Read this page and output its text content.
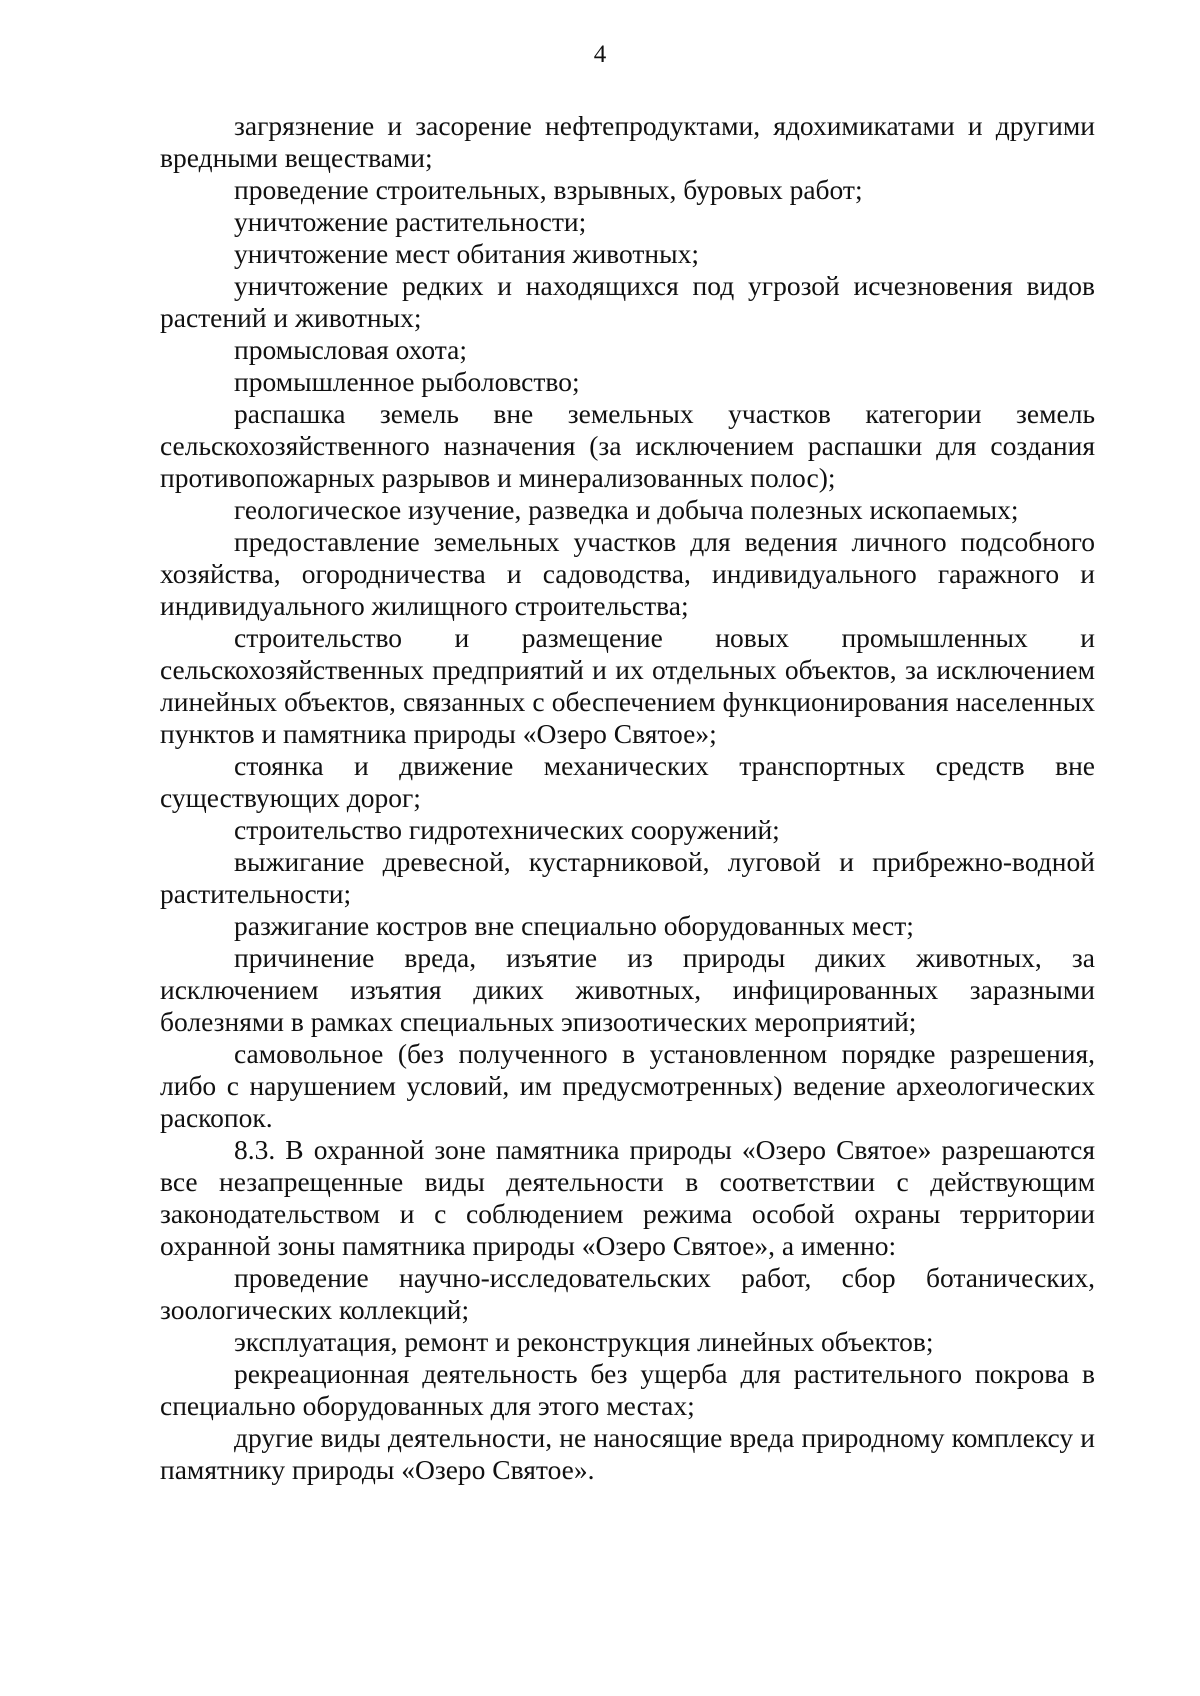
4

загрязнение и засорение нефтепродуктами, ядохимикатами и другими вредными веществами;

проведение строительных, взрывных, буровых работ;

уничтожение растительности;

уничтожение мест обитания животных;

уничтожение редких и находящихся под угрозой исчезновения видов растений и животных;

промысловая охота;

промышленное рыболовство;

распашка земель вне земельных участков категории земель сельскохозяйственного назначения (за исключением распашки для создания противопожарных разрывов и минерализованных полос);

геологическое изучение, разведка и добыча полезных ископаемых;

предоставление земельных участков для ведения личного подсобного хозяйства, огородничества и садоводства, индивидуального гаражного и индивидуального жилищного строительства;

строительство и размещение новых промышленных и сельскохозяйственных предприятий и их отдельных объектов, за исключением линейных объектов, связанных с обеспечением функционирования населенных пунктов и памятника природы «Озеро Святое»;

стоянка и движение механических транспортных средств вне существующих дорог;

строительство гидротехнических сооружений;

выжигание древесной, кустарниковой, луговой и прибрежно-водной растительности;

разжигание костров вне специально оборудованных мест;

причинение вреда, изъятие из природы диких животных, за исключением изъятия диких животных, инфицированных заразными болезнями в рамках специальных эпизоотических мероприятий;

самовольное (без полученного в установленном порядке разрешения, либо с нарушением условий, им предусмотренных) ведение археологических раскопок.

8.3. В охранной зоне памятника природы «Озеро Святое» разрешаются все незапрещенные виды деятельности в соответствии с действующим законодательством и с соблюдением режима особой охраны территории охранной зоны памятника природы «Озеро Святое», а именно:

проведение научно-исследовательских работ, сбор ботанических, зоологических коллекций;

эксплуатация, ремонт и реконструкция линейных объектов;

рекреационная деятельность без ущерба для растительного покрова в специально оборудованных для этого местах;

другие виды деятельности, не наносящие вреда природному комплексу и памятнику природы «Озеро Святое».
